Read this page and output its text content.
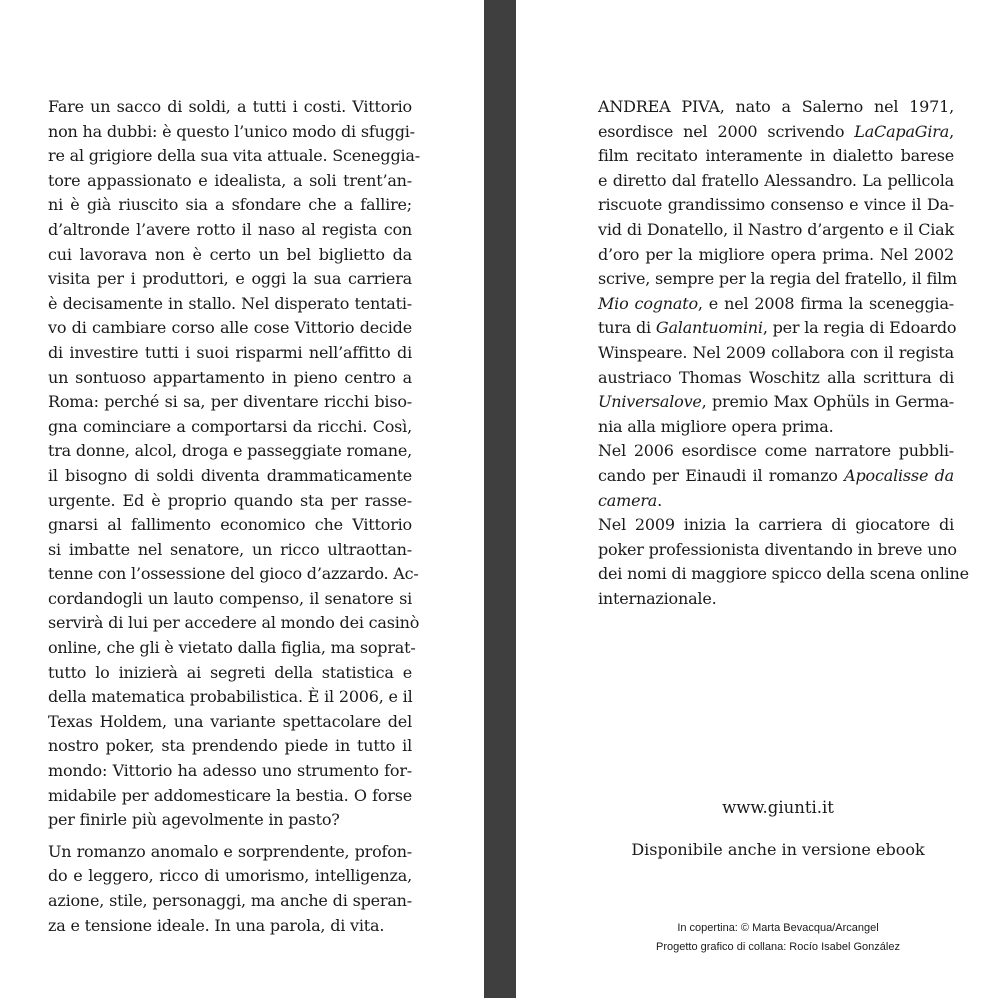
Fare un sacco di soldi, a tutti i costi. Vittorio
non ha dubbi: è questo l’unico modo di sfuggi-
re al grigiore della sua vita attuale. Sceneggia-
tore appassionato e idealista, a soli trent’an-
ni è già riuscito sia a sfondare che a fallire;
d’altronde l’avere rotto il naso al regista con
cui lavorava non è certo un bel biglietto da
visita per i produttori, e oggi la sua carriera
è decisamente in stallo. Nel disperato tentati-
vo di cambiare corso alle cose Vittorio decide
di investire tutti i suoi risparmi nell’affitto di
un sontuoso appartamento in pieno centro a
Roma: perché si sa, per diventare ricchi biso-
gna cominciare a comportarsi da ricchi. Così,
tra donne, alcol, droga e passeggiate romane,
il bisogno di soldi diventa drammaticamente
urgente. Ed è proprio quando sta per rasse-
gnarsi al fallimento economico che Vittorio
si imbatte nel senatore, un ricco ultraottan-
tenne con l’ossessione del gioco d’azzardo. Ac-
cordandogli un lauto compenso, il senatore si
servirà di lui per accedere al mondo dei casinò
online, che gli è vietato dalla figlia, ma soprat-
tutto lo inizierà ai segreti della statistica e
della matematica probabilistica. È il 2006, e il
Texas Holdem, una variante spettacolare del
nostro poker, sta prendendo piede in tutto il
mondo: Vittorio ha adesso uno strumento for-
midabile per addomesticare la bestia. O forse
per finirle più agevolmente in pasto?
Un romanzo anomalo e sorprendente, profon-
do e leggero, ricco di umorismo, intelligenza,
azione, stile, personaggi, ma anche di speran-
za e tensione ideale. In una parola, di vita.
ANDREA PIVA, nato a Salerno nel 1971,
esordisce nel 2000 scrivendo LaCapaGira,
film recitato interamente in dialetto barese
e diretto dal fratello Alessandro. La pellicola
riscuote grandissimo consenso e vince il Da-
vid di Donatello, il Nastro d’argento e il Ciak
d’oro per la migliore opera prima. Nel 2002
scrive, sempre per la regia del fratello, il film
Mio cognato, e nel 2008 firma la sceneggia-
tura di Galantuomini, per la regia di Edoardo
Winspeare. Nel 2009 collabora con il regista
austriaco Thomas Woschitz alla scrittura di
Universalove, premio Max Ophüls in Germa-
nia alla migliore opera prima.
Nel 2006 esordisce come narratore pubbli-
cando per Einaudi il romanzo Apocalisse da
camera.
Nel 2009 inizia la carriera di giocatore di
poker professionista diventando in breve uno
dei nomi di maggiore spicco della scena online
internazionale.
www.giunti.it
Disponibile anche in versione ebook
In copertina: © Marta Bevacqua/Arcangel
Progetto grafico di collana: Rocío Isabel González
